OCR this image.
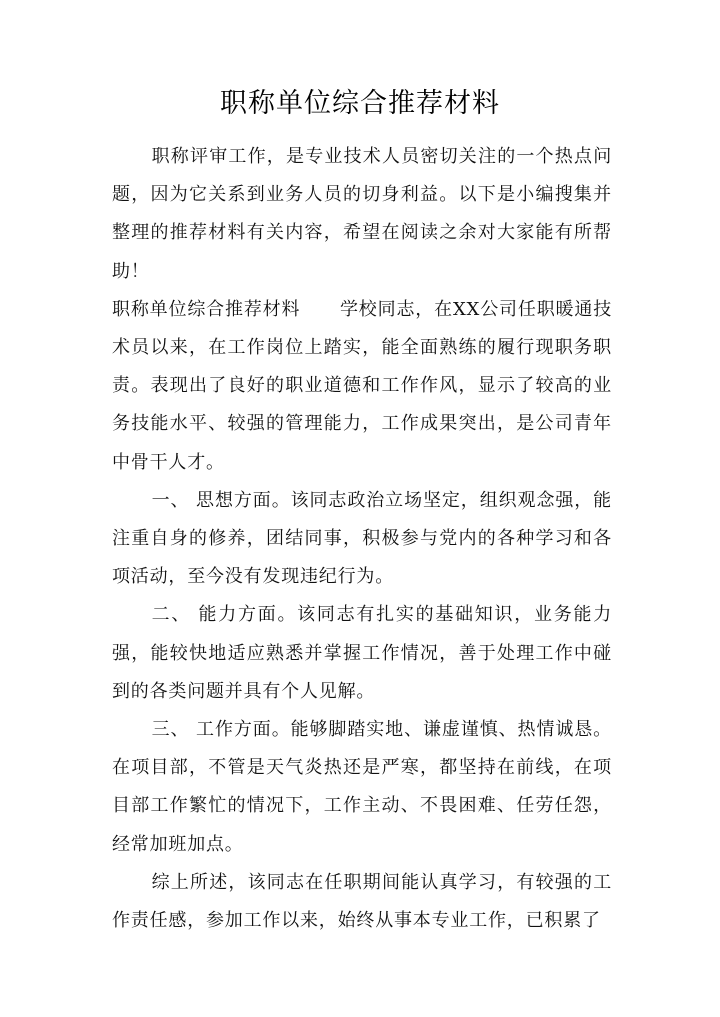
职称单位综合推荐材料

职称评审工作，是专业技术人员密切关注的一个热点问题，因为它关系到业务人员的切身利益。以下是小编搜集并整理的推荐材料有关内容，希望在阅读之余对大家能有所帮助！

职称单位综合推荐材料 学校同志，在XX公司任职暖通技术员以来，在工作岗位上踏实，能全面熟练的履行现职务职责。表现出了良好的职业道德和工作作风，显示了较高的业务技能水平、较强的管理能力，工作成果突出，是公司青年中骨干人才。

一、 思想方面。该同志政治立场坚定，组织观念强，能注重自身的修养，团结同事，积极参与党内的各种学习和各项活动，至今没有发现违纪行为。

二、 能力方面。该同志有扎实的基础知识，业务能力强，能较快地适应熟悉并掌握工作情况，善于处理工作中碰到的各类问题并具有个人见解。

三、 工作方面。能够脚踏实地、谦虚谨慎、热情诚恳。在项目部，不管是天气炎热还是严寒，都坚持在前线，在项目部工作繁忙的情况下，工作主动、不畏困难、任劳任怨，经常加班加点。

综上所述，该同志在任职期间能认真学习，有较强的工作责任感，参加工作以来，始终从事本专业工作，已积累了
